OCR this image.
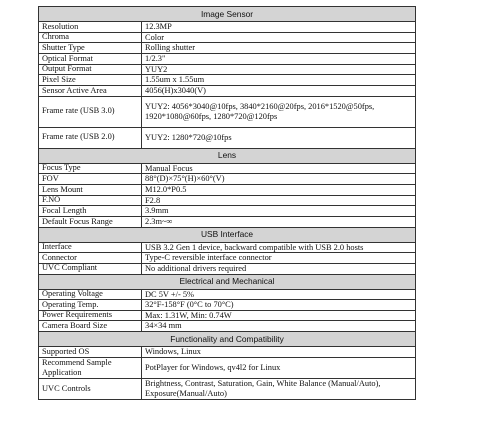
Image Sensor	
Resolution	12.3MP
Chroma	Color
Shutter Type	Rolling shutter
Optical Format	1/2.3"
Output Format	YUY2
Pixel Size	1.55um x 1.55um
Sensor Active Area	4056(H)x3040(V)
Frame rate (USB 3.0)	YUY2: 4056*3040@10fps, 3840*2160@20fps, 2016*1520@50fps, 1920*1080@60fps, 1280*720@120fps
Frame rate (USB 2.0)	YUY2: 1280*720@10fps
Lens	
Focus Type	Manual Focus
FOV	88°(D)×75°(H)×60°(V)
Lens Mount	M12.0*P0.5
F.NO	F2.8
Focal Length	3.9mm
Default Focus Range	2.3m~∞
USB Interface	
Interface	USB 3.2 Gen 1 device, backward compatible with USB 2.0 hosts
Connector	Type-C reversible interface connector
UVC Compliant	No additional drivers required
Electrical and Mechanical	
Operating Voltage	DC 5V +/- 5%
Operating Temp.	32°F-158°F (0°C to 70°C)
Power Requirements	Max: 1.31W, Min: 0.74W
Camera Board Size	34×34 mm
Functionality and Compatibility	
Supported OS	Windows, Linux
Recommend Sample Application	PotPlayer for Windows, qv4l2 for Linux
UVC Controls	Brightness, Contrast, Saturation, Gain, White Balance (Manual/Auto), Exposure(Manual/Auto)
